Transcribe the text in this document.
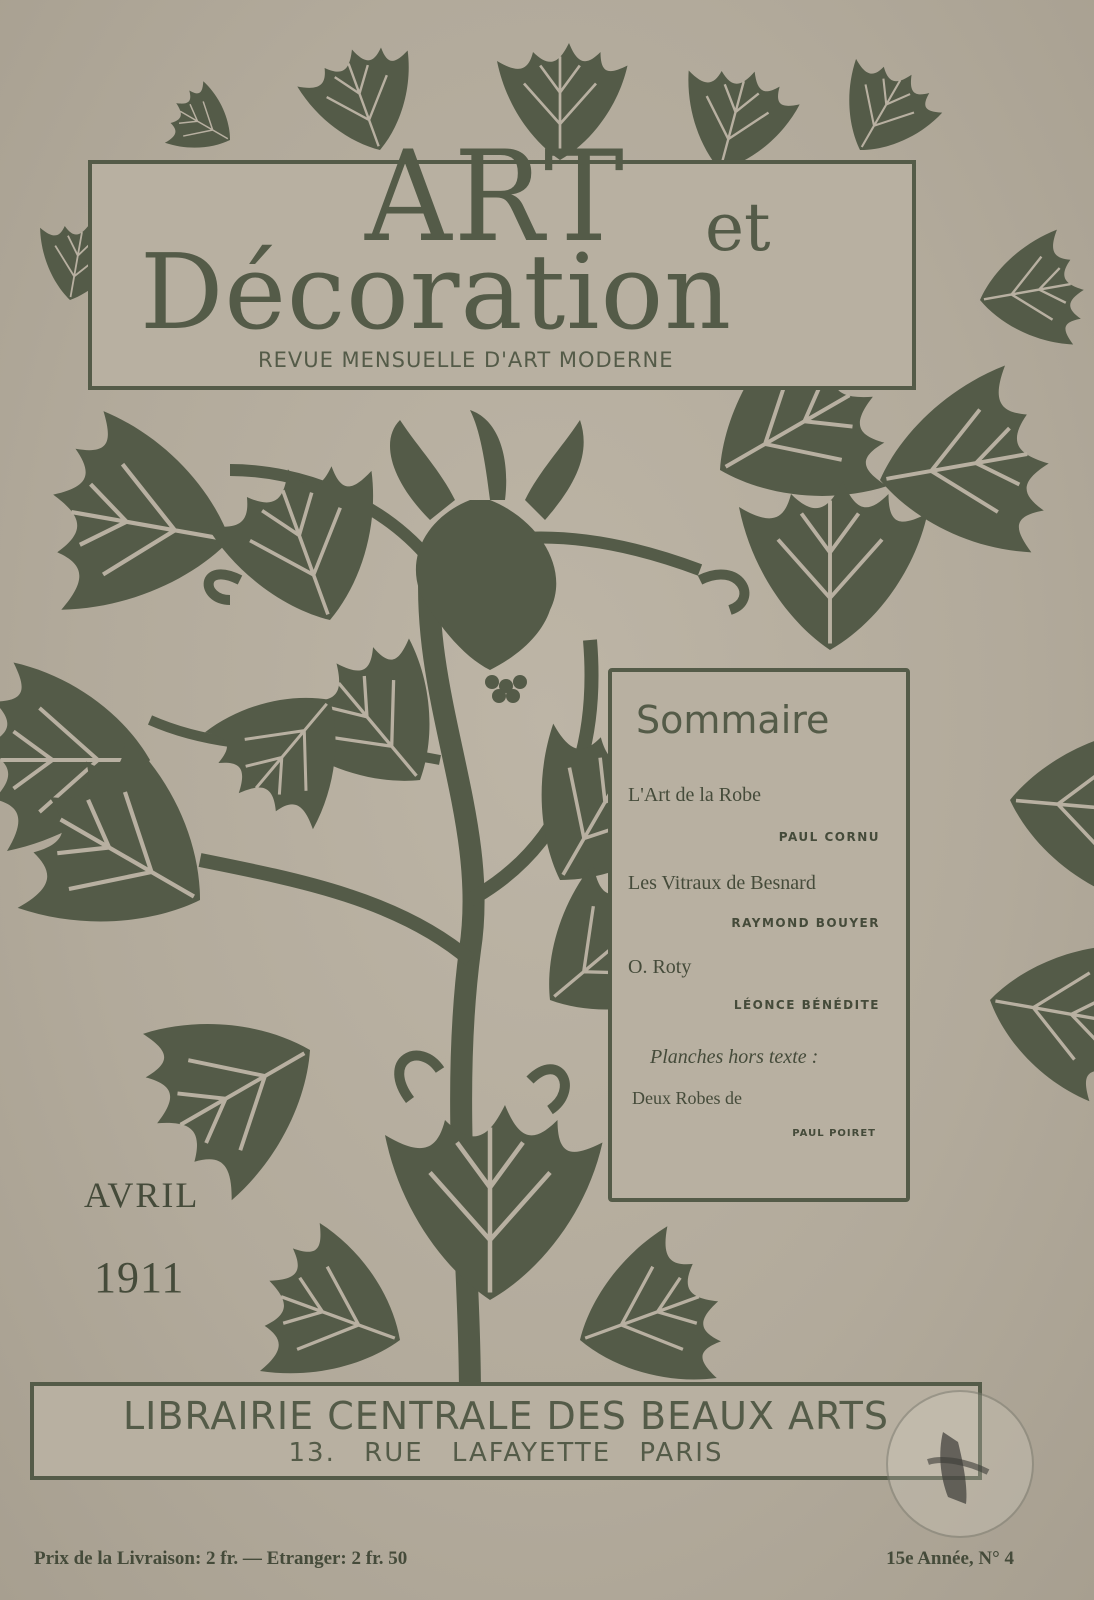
ART et
Décoration
REVUE MENSUELLE D'ART MODERNE
Sommaire
L'Art de la Robe
PAUL CORNU
Les Vitraux de Besnard
RAYMOND BOUYER
O. Roty
LÉONCE BÉNÉDITE
Planches hors texte :
Deux Robes de
PAUL POIRET
AVRIL
1911
LIBRAIRIE CENTRALE DES BEAUX ARTS
13. RUE LAFAYETTE PARIS
Prix de la Livraison: 2 fr. — Etranger: 2 fr. 50	15e Année, N° 4
